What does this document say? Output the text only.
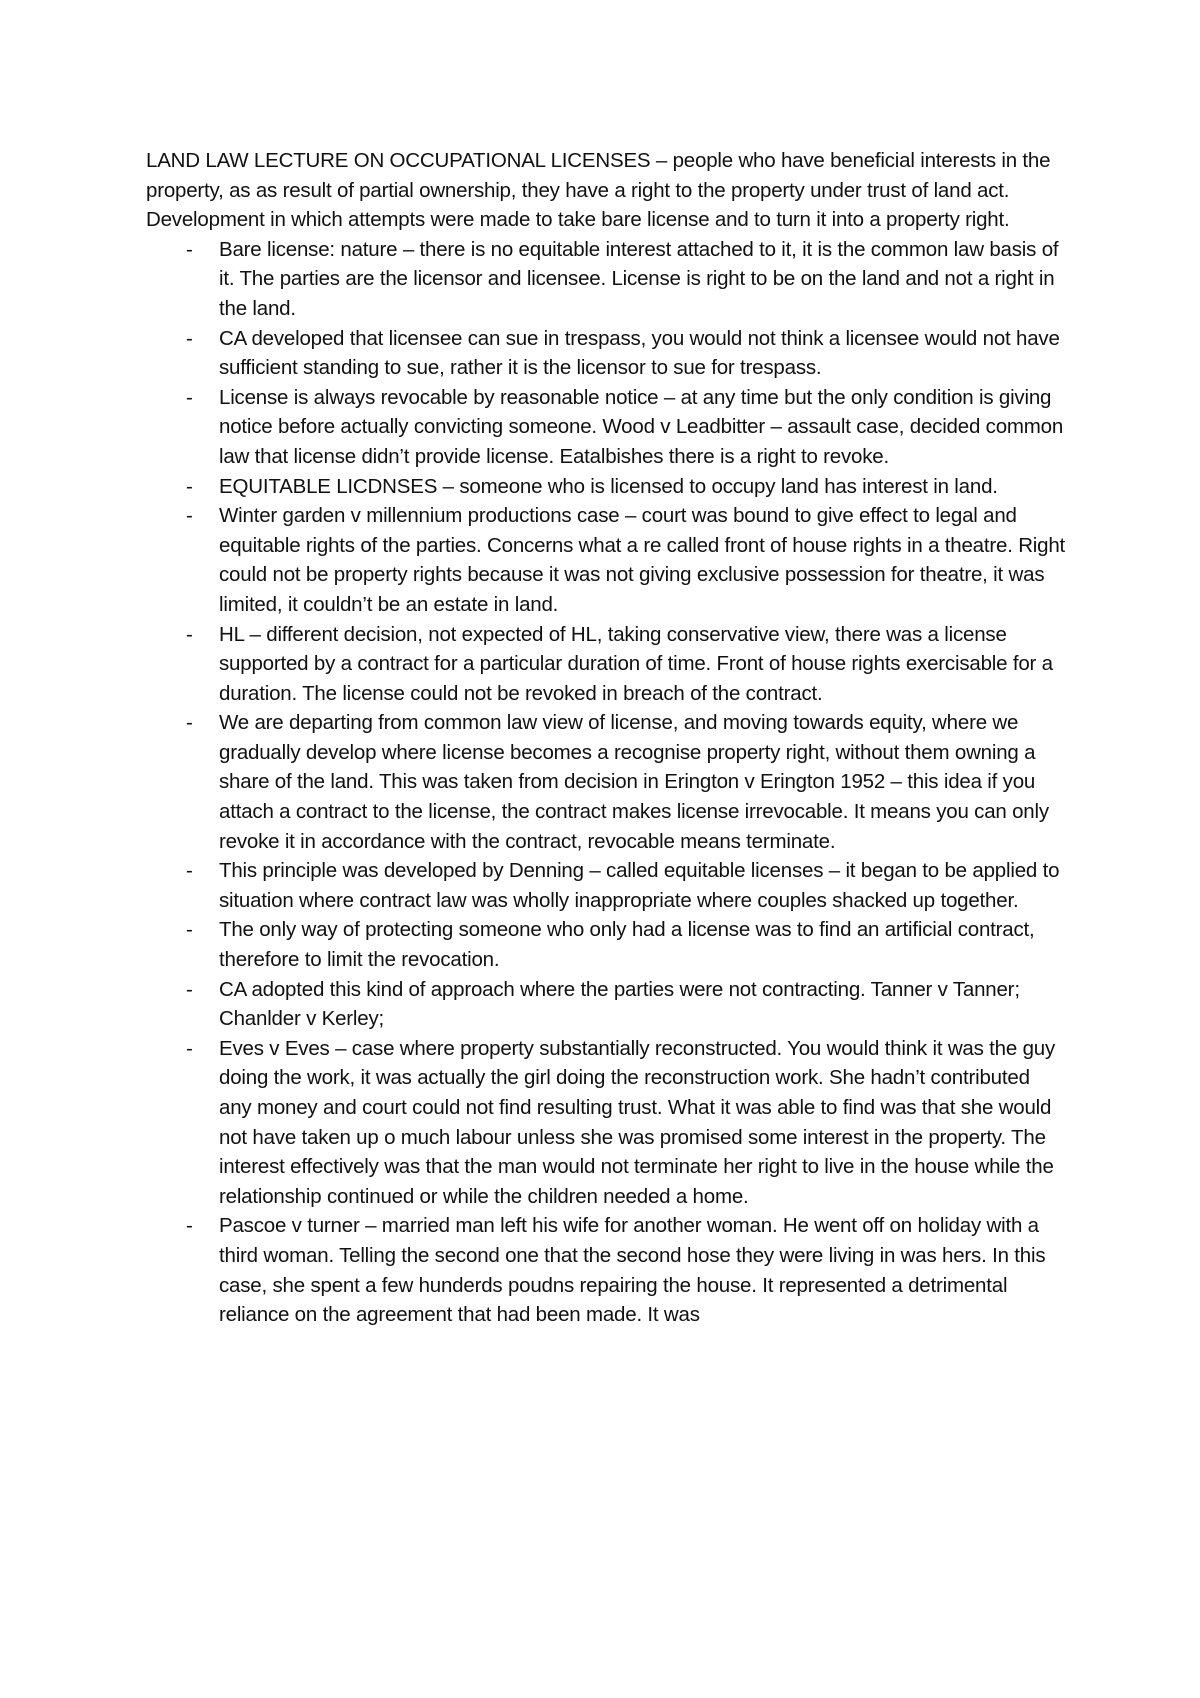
LAND LAW LECTURE ON OCCUPATIONAL LICENSES – people who have beneficial interests in the property, as as result of partial ownership, they have a right to the property under trust of land act.

Development in which attempts were made to take bare license and to turn it into a property right.

- Bare license: nature – there is no equitable interest attached to it, it is the common law basis of it. The parties are the licensor and licensee. License is right to be on the land and not a right in the land.
- CA developed that licensee can sue in trespass, you would not think a licensee would not have sufficient standing to sue, rather it is the licensor to sue for trespass.
- License is always revocable by reasonable notice – at any time but the only condition is giving notice before actually convicting someone. Wood v Leadbitter – assault case, decided common law that license didn’t provide license. Eatalbishes there is a right to revoke.
- EQUITABLE LICDNSES – someone who is licensed to occupy land has interest in land.
- Winter garden v millennium productions case – court was bound to give effect to legal and equitable rights of the parties. Concerns what a re called front of house rights in a theatre. Right could not be property rights because it was not giving exclusive possession for theatre, it was limited, it couldn’t be an estate in land.
- HL – different decision, not expected of HL, taking conservative view, there was a license supported by a contract for a particular duration of time. Front of house rights exercisable for a duration. The license could not be revoked in breach of the contract.
- We are departing from common law view of license, and moving towards equity, where we gradually develop where license becomes a recognise property right, without them owning a share of the land. This was taken from decision in Erington v Erington 1952 – this idea if you attach a contract to the license, the contract makes license irrevocable. It means you can only revoke it in accordance with the contract, revocable means terminate.
- This principle was developed by Denning – called equitable licenses – it began to be applied to situation where contract law was wholly inappropriate where couples shacked up together.
- The only way of protecting someone who only had a license was to find an artificial contract, therefore to limit the revocation.
- CA adopted this kind of approach where the parties were not contracting. Tanner v Tanner; Chanlder v Kerley;
- Eves v Eves – case where property substantially reconstructed. You would think it was the guy doing the work, it was actually the girl doing the reconstruction work. She hadn’t contributed any money and court could not find resulting trust. What it was able to find was that she would not have taken up o much labour unless she was promised some interest in the property. The interest effectively was that the man would not terminate her right to live in the house while the relationship continued or while the children needed a home.
- Pascoe v turner – married man left his wife for another woman. He went off on holiday with a third woman. Telling the second one that the second hose they were living in was hers. In this case, she spent a few hunderds poudns repairing the house. It represented a detrimental reliance on the agreement that had been made. It was
